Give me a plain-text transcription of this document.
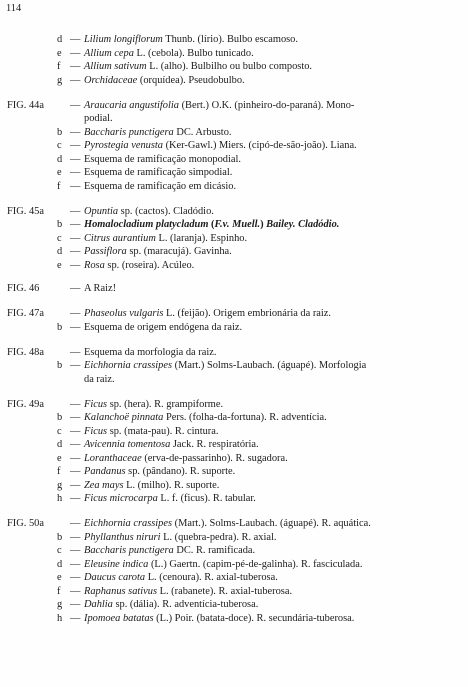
114
d — Lilium longiflorum Thunb. (lírio). Bulbo escamoso.
e — Allium cepa L. (cebola). Bulbo tunicado.
f — Allium sativum L. (alho). Bulbilho ou bulbo composto.
g — Orchidaceae (orquídea). Pseudobulbo.
FIG. 44a	— Araucaria angustifolia (Bert.) O.K. (pinheiro-do-paraná). Mono-
podial.
b — Baccharis punctigera DC. Arbusto.
c — Pyrostegia venusta (Ker-Gawl.) Miers. (cipó-de-são-joão). Liana.
d — Esquema de ramificação monopodial.
e — Esquema de ramificação simpodial.
f — Esquema de ramificação em dicásio.
FIG. 45a	— Opuntia sp. (cactos). Cladódio.
b — Homalocladium platycladum (F.v. Muell.) Bailey. Cladódio.
c — Citrus aurantium L. (laranja). Espinho.
d — Passiflora sp. (maracujá). Gavinha.
e — Rosa sp. (roseira). Acúleo.
FIG. 46	— A Raiz!
FIG. 47a	— Phaseolus vulgaris L. (feijão). Origem embrionária da raiz.
b — Esquema de origem endógena da raiz.
FIG. 48a	— Esquema da morfologia da raiz.
b — Eichhornia crassipes (Mart.) Solms-Laubach. (águapé). Morfologia
da raiz.
FIG. 49a	— Ficus sp. (hera). R. grampiforme.
b — Kalanchoë pinnata Pers. (folha-da-fortuna). R. adventícia.
c — Ficus sp. (mata-pau). R. cintura.
d — Avicennia tomentosa Jack. R. respiratória.
e — Loranthaceae (erva-de-passarinho). R. sugadora.
f — Pandanus sp. (pândano). R. suporte.
g — Zea mays L. (milho). R. suporte.
h — Ficus microcarpa L. f. (ficus). R. tabular.
FIG. 50a	— Eichhornia crassipes (Mart.). Solms-Laubach. (águapé). R. aquática.
b — Phyllanthus niruri L. (quebra-pedra). R. axial.
c — Baccharis punctigera DC. R. ramificada.
d — Eleusine indica (L.) Gaertn. (capim-pé-de-galinha). R. fasciculada.
e — Daucus carota L. (cenoura). R. axial-tuberosa.
f — Raphanus sativus L. (rabanete). R. axial-tuberosa.
g — Dahlia sp. (dália). R. adventícia-tuberosa.
h — Ipomoea batatas (L.) Poir. (batata-doce). R. secundária-tuberosa.
